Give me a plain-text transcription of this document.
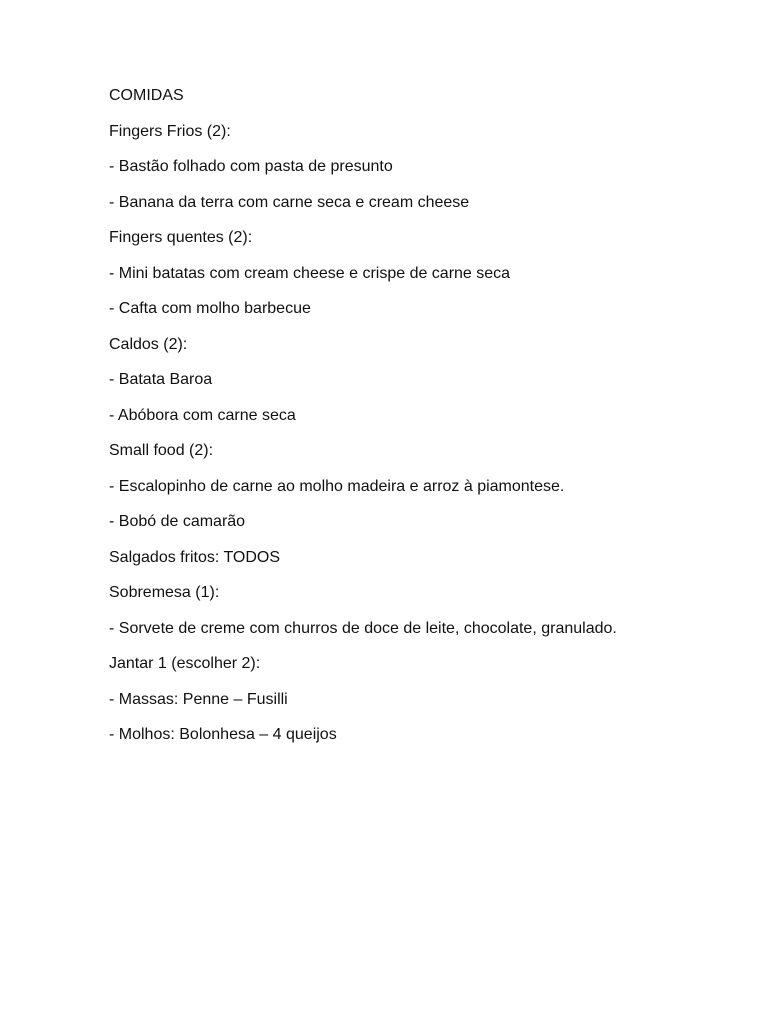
COMIDAS
Fingers Frios (2):
- Bastão folhado com pasta de presunto
- Banana da terra com carne seca e cream cheese
Fingers quentes (2):
- Mini batatas com cream cheese e crispe de carne seca
- Cafta com molho barbecue
Caldos (2):
- Batata Baroa
- Abóbora com carne seca
Small food (2):
- Escalopinho de carne ao molho madeira e arroz à piamontese.
- Bobó de camarão
Salgados fritos: TODOS
Sobremesa (1):
- Sorvete de creme com churros de doce de leite, chocolate, granulado.
Jantar 1 (escolher 2):
- Massas: Penne – Fusilli
- Molhos: Bolonhesa – 4 queijos
